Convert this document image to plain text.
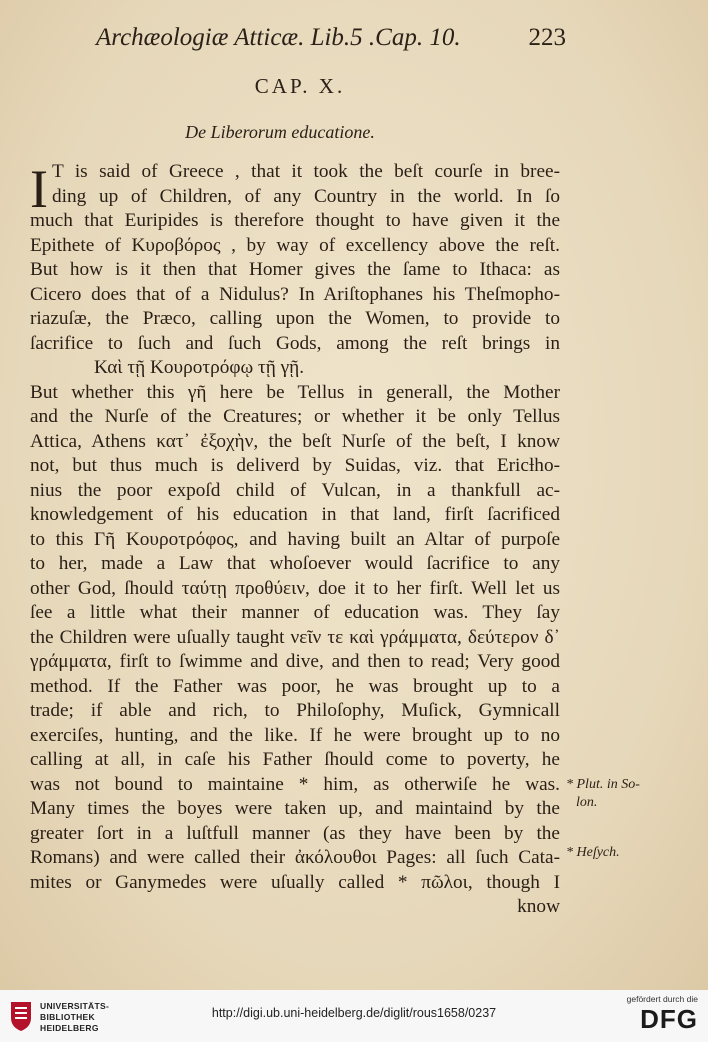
Archæologiæ Atticæ. Lib.5 .Cap. 10.	223
CAP. X.
De Liberorum educatione.
I T is said of Greece , that it took the beſt courſe in bree-
ding up of Children, of any Country in the world. In ſo
much that Euripides is therefore thought to have given it the
Epithete of Κυροβόρος , by way of excellency above the reſt.
But how is it then that Homer gives the ſame to Ithaca: as
Cicero does that of a Nidulus? In Ariſtophanes his Theſmopho-
riazuſæ, the Præco, calling upon the Women, to provide to
ſacrifice to ſuch and ſuch Gods, among the reſt brings in
Καὶ τῇ Κουροτρόφῳ τῇ γῇ.
But whether this γῆ here be Tellus in generall, the Mother
and the Nurſe of the Creatures; or whether it be only Tellus
Attica, Athens κατ᾽ ἐξοχὴν, the beſt Nurſe of the beſt, I know
not, but thus much is deliverd by Suidas, viz. that Ericƚho-
nius the poor expoſd child of Vulcan, in a thankfull ac-
knowledgement of his education in that land, firſt ſacrificed
to this Γῆ Κουροτρόφος, and having built an Altar of purpoſe
to her, made a Law that whoſoever would ſacrifice to any
other God, ſhould ταύτῃ προθύειν, doe it to her firſt. Well let us
ſee a little what their manner of education was. They ſay
the Children were uſually taught νεῖν τε καὶ γράμματα, δεύτερον δ᾽
γράμματα, firſt to ſwimme and dive, and then to read; Very good
method. If the Father was poor, he was brought up to a
trade; if able and rich, to Philoſophy, Muſick, Gymnicall
exerciſes, hunting, and the like. If he were brought up to no
calling at all, in caſe his Father ſhould come to poverty, he
was not bound to maintaine * him, as otherwiſe he was.
Many times the boyes were taken up, and maintaind by the
greater ſort in a luſtfull manner (as they have been by the
Romans) and were called their ἀκόλουθοι Pages: all ſuch Cata-
mites or Ganymedes were uſually called * πῶλοι, though I
know
* Plut. in So-
lon.
* Heſych.
UNIVERSITÄTS-
BIBLIOTHEK
HEIDELBERG
http://digi.ub.uni-heidelberg.de/diglit/rous1658/0237
gefördert durch die
DFG
